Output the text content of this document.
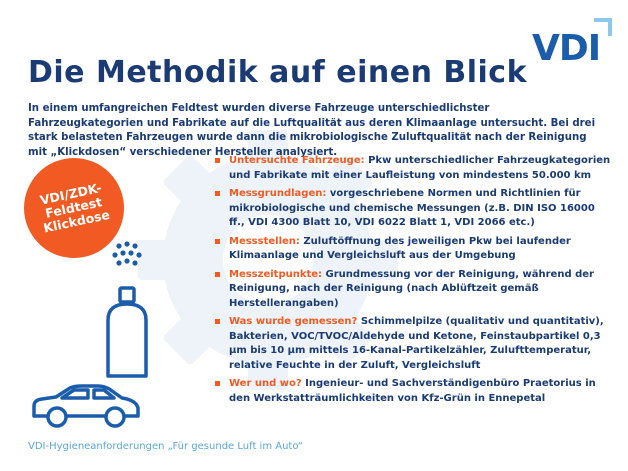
VDI
Die Methodik auf einen Blick
In einem umfangreichen Feldtest wurden diverse Fahrzeuge unterschiedlichster Fahrzeugkategorien und Fabrikate auf die Luftqualität aus deren Klimaanlage untersucht. Bei drei stark belasteten Fahrzeugen wurde dann die mikrobiologische Zuluftqualität nach der Reinigung mit „Klickdosen“ verschiedener Hersteller analysiert.
VDI/ZDK-
Feldtest
Klickdose
Untersuchte Fahrzeuge: Pkw unterschiedlicher Fahrzeugkategorien und Fabrikate mit einer Laufleistung von mindestens 50.000 km
Messgrundlagen: vorgeschriebene Normen und Richtlinien für mikrobiologische und chemische Messungen (z.B. DIN ISO 16000 ff., VDI 4300 Blatt 10, VDI 6022 Blatt 1, VDI 2066 etc.)
Messstellen: Zuluftöffnung des jeweiligen Pkw bei laufender Klimaanlage und Vergleichsluft aus der Umgebung
Messzeitpunkte: Grundmessung vor der Reinigung, während der Reinigung, nach der Reinigung (nach Ablüftzeit gemäß Herstellerangaben)
Was wurde gemessen? Schimmelpilze (qualitativ und quantitativ), Bakterien, VOC/TVOC/Aldehyde und Ketone, Feinstaubpartikel 0,3 µm bis 10 µm mittels 16-Kanal-Partikelzähler, Zulufttemperatur, relative Feuchte in der Zuluft, Vergleichsluft
Wer und wo? Ingenieur- und Sachverständigenbüro Praetorius in den Werkstatträumlichkeiten von Kfz-Grün in Ennepetal
VDI-Hygieneanforderungen „Für gesunde Luft im Auto“
